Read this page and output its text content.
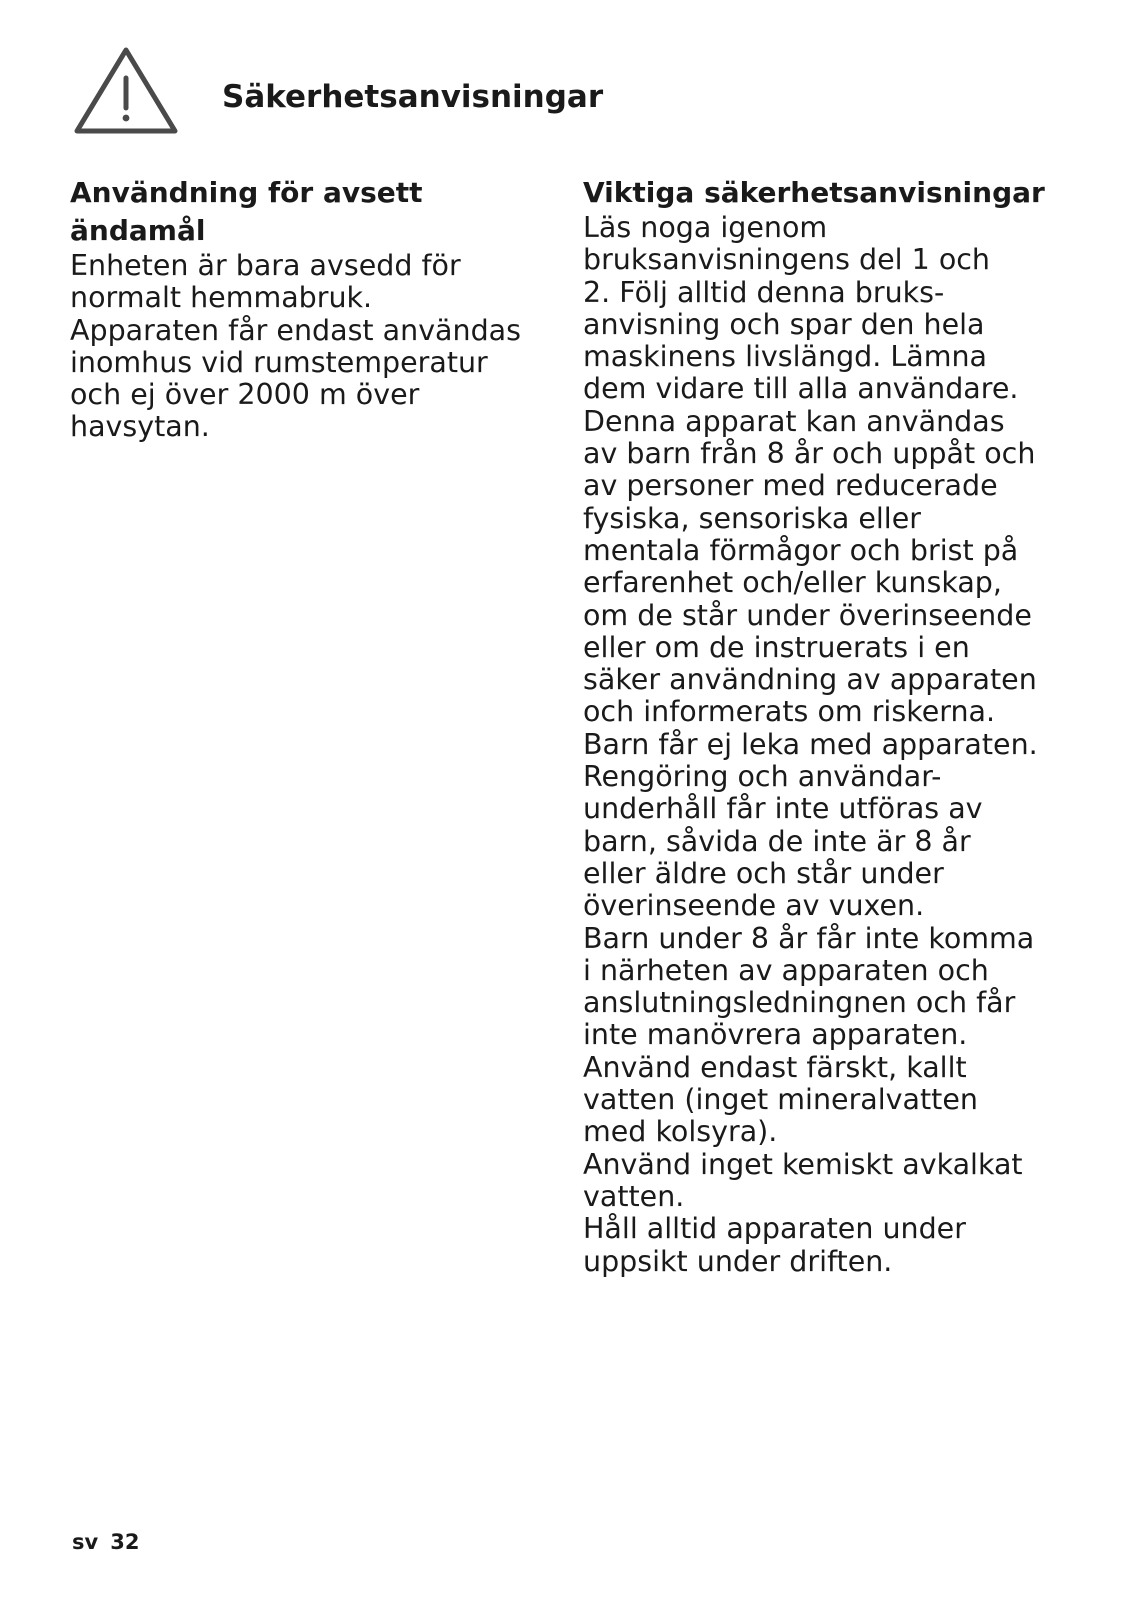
Säkerhetsanvisningar
Användning för avsett
ändamål

Enheten är bara avsedd för
normalt hemmabruk.
Apparaten får endast användas
inomhus vid rumstemperatur
och ej över 2000 m över
havsytan.

Viktiga säkerhetsanvisningar

Läs noga igenom
bruksanvisningens del 1 och
2. Följ alltid denna bruks-
anvisning och spar den hela
maskinens livslängd. Lämna
dem vidare till alla användare.
Denna apparat kan användas
av barn från 8 år och uppåt och
av personer med reducerade
fysiska, sensoriska eller
mentala förmågor och brist på
erfarenhet och/eller kunskap,
om de står under överinseende
eller om de instruerats i en
säker användning av apparaten
och informerats om riskerna.
Barn får ej leka med apparaten.
Rengöring och användar-
underhåll får inte utföras av
barn, såvida de inte är 8 år
eller äldre och står under
överinseende av vuxen.
Barn under 8 år får inte komma
i närheten av apparaten och
anslutningsledningnen och får
inte manövrera apparaten.
Använd endast färskt, kallt
vatten (inget mineralvatten
med kolsyra).
Använd inget kemiskt avkalkat
vatten.
Håll alltid apparaten under
uppsikt under driften.

sv 32
